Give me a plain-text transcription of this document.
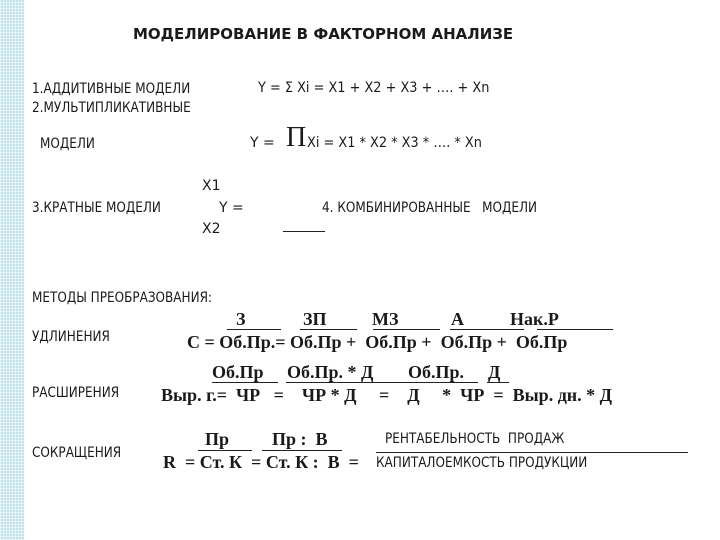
МОДЕЛИРОВАНИЕ В ФАКТОРНОМ АНАЛИЗЕ
1.АДДИТИВНЫЕ МОДЕЛИ	Y = Σ Xi = X1 + X2 + X3 + …. + Xn
2.МУЛЬТИПЛИКАТИВНЫЕ
МОДЕЛИ	Y = П Xi = X1 * X2 * X3 * …. * Xn
X1
3.КРАТНЫЕ МОДЕЛИ	Y =
X2
4. КОМБИНИРОВАННЫЕ   МОДЕЛИ
МЕТОДЫ ПРЕОБРАЗОВАНИЯ:
З	ЗП	МЗ	А	Нак.Р
УДЛИНЕНИЯ	С = Об.Пр.= Об.Пр +  Об.Пр +  Об.Пр +  Об.Пр
Об.Пр Об.Пр. * Д Об.Пр. Д
РАСШИРЕНИЯ Выр. г.=  ЧР   =    ЧР * Д     =    Д     *  ЧР  =  Выр. дн. * Д
Пр Пр :  В	РЕНТАБЕЛЬНОСТЬ  ПРОДАЖ
СОКРАЩЕНИЯ R  = Ст. К  = Ст. К :  В  = КАПИТАЛОЕМКОСТЬ ПРОДУКЦИИ
